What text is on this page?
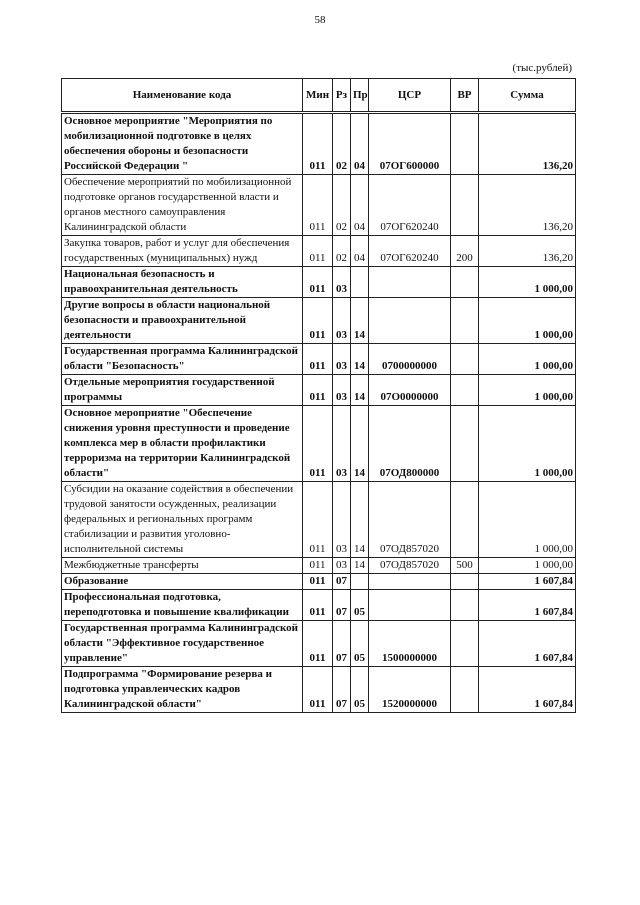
58
(тыс.рублей)
Наименование кода	Мин	Рз	Пр	ЦСР	ВР	Сумма
Основное мероприятие "Мероприятия по мобилизационной подготовке в целях обеспечения обороны и безопасности Российской Федерации "	011	02	04	07ОГ600000		136,20
Обеспечение мероприятий по мобилизационной подготовке органов государственной власти и органов местного самоуправления Калининградской области	011	02	04	07ОГ620240		136,20
Закупка товаров, работ и услуг для обеспечения государственных (муниципальных) нужд	011	02	04	07ОГ620240	200	136,20
Национальная безопасность и правоохранительная деятельность	011	03				1 000,00
Другие вопросы в области национальной безопасности и правоохранительной деятельности	011	03	14			1 000,00
Государственная программа Калининградской области "Безопасность"	011	03	14	0700000000		1 000,00
Отдельные мероприятия государственной программы	011	03	14	07О0000000		1 000,00
Основное мероприятие "Обеспечение снижения уровня преступности и проведение комплекса мер в области профилактики терроризма на территории Калининградской области"	011	03	14	07ОД800000		1 000,00
Субсидии на оказание содействия в обеспечении трудовой занятости осужденных, реализации федеральных и региональных программ стабилизации и развития уголовно-исполнительной системы	011	03	14	07ОД857020		1 000,00
Межбюджетные трансферты	011	03	14	07ОД857020	500	1 000,00
Образование	011	07				1 607,84
Профессиональная подготовка, переподготовка и повышение квалификации	011	07	05			1 607,84
Государственная программа Калининградской области "Эффективное государственное управление"	011	07	05	1500000000		1 607,84
Подпрограмма "Формирование резерва и подготовка управленческих кадров Калининградской области"	011	07	05	1520000000		1 607,84
